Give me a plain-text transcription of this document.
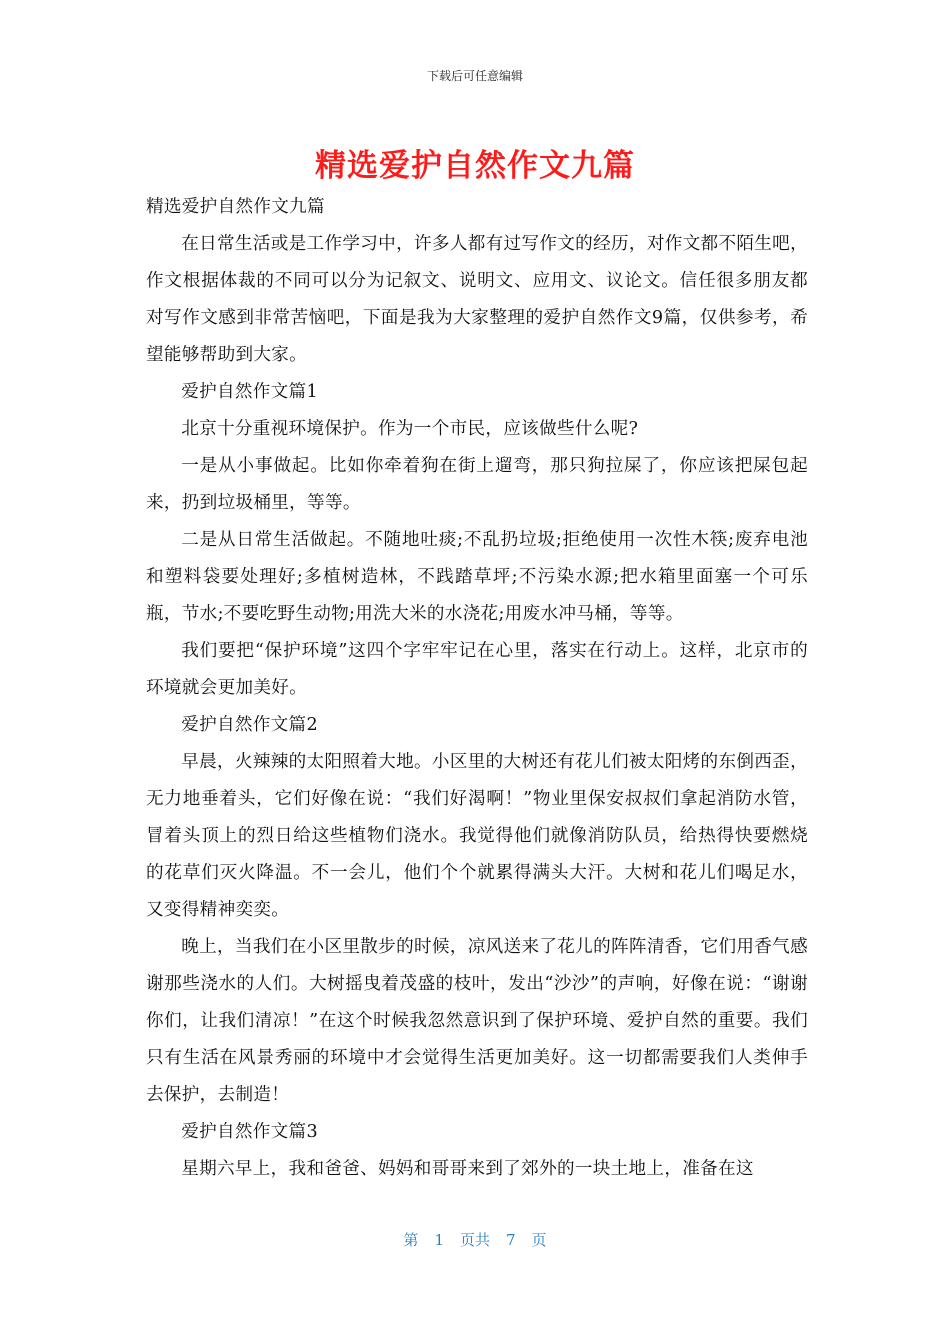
下载后可任意编辑
精选爱护自然作文九篇

精选爱护自然作文九篇

在日常生活或是工作学习中，许多人都有过写作文的经历，对作文都不陌生吧，作文根据体裁的不同可以分为记叙文、说明文、应用文、议论文。信任很多朋友都对写作文感到非常苦恼吧，下面是我为大家整理的爱护自然作文9篇，仅供参考，希望能够帮助到大家。

爱护自然作文篇1

北京十分重视环境保护。作为一个市民，应该做些什么呢?

一是从小事做起。比如你牵着狗在街上遛弯，那只狗拉屎了，你应该把屎包起来，扔到垃圾桶里，等等。

二是从日常生活做起。不随地吐痰;不乱扔垃圾;拒绝使用一次性木筷;废弃电池和塑料袋要处理好;多植树造林，不践踏草坪;不污染水源;把水箱里面塞一个可乐瓶，节水;不要吃野生动物;用洗大米的水浇花;用废水冲马桶，等等。

我们要把“保护环境”这四个字牢牢记在心里，落实在行动上。这样，北京市的环境就会更加美好。

爱护自然作文篇2

早晨，火辣辣的太阳照着大地。小区里的大树还有花儿们被太阳烤的东倒西歪，无力地垂着头，它们好像在说：“我们好渴啊！”物业里保安叔叔们拿起消防水管，冒着头顶上的烈日给这些植物们浇水。我觉得他们就像消防队员，给热得快要燃烧的花草们灭火降温。不一会儿，他们个个就累得满头大汗。大树和花儿们喝足水，又变得精神奕奕。

晚上，当我们在小区里散步的时候，凉风送来了花儿的阵阵清香，它们用香气感谢那些浇水的人们。大树摇曳着茂盛的枝叶，发出“沙沙”的声响，好像在说：“谢谢你们，让我们清凉！”在这个时候我忽然意识到了保护环境、爱护自然的重要。我们只有生活在风景秀丽的环境中才会觉得生活更加美好。这一切都需要我们人类伸手去保护，去制造！

爱护自然作文篇3

星期六早上，我和爸爸、妈妈和哥哥来到了郊外的一块土地上，准备在这

第 1 页共 7 页
